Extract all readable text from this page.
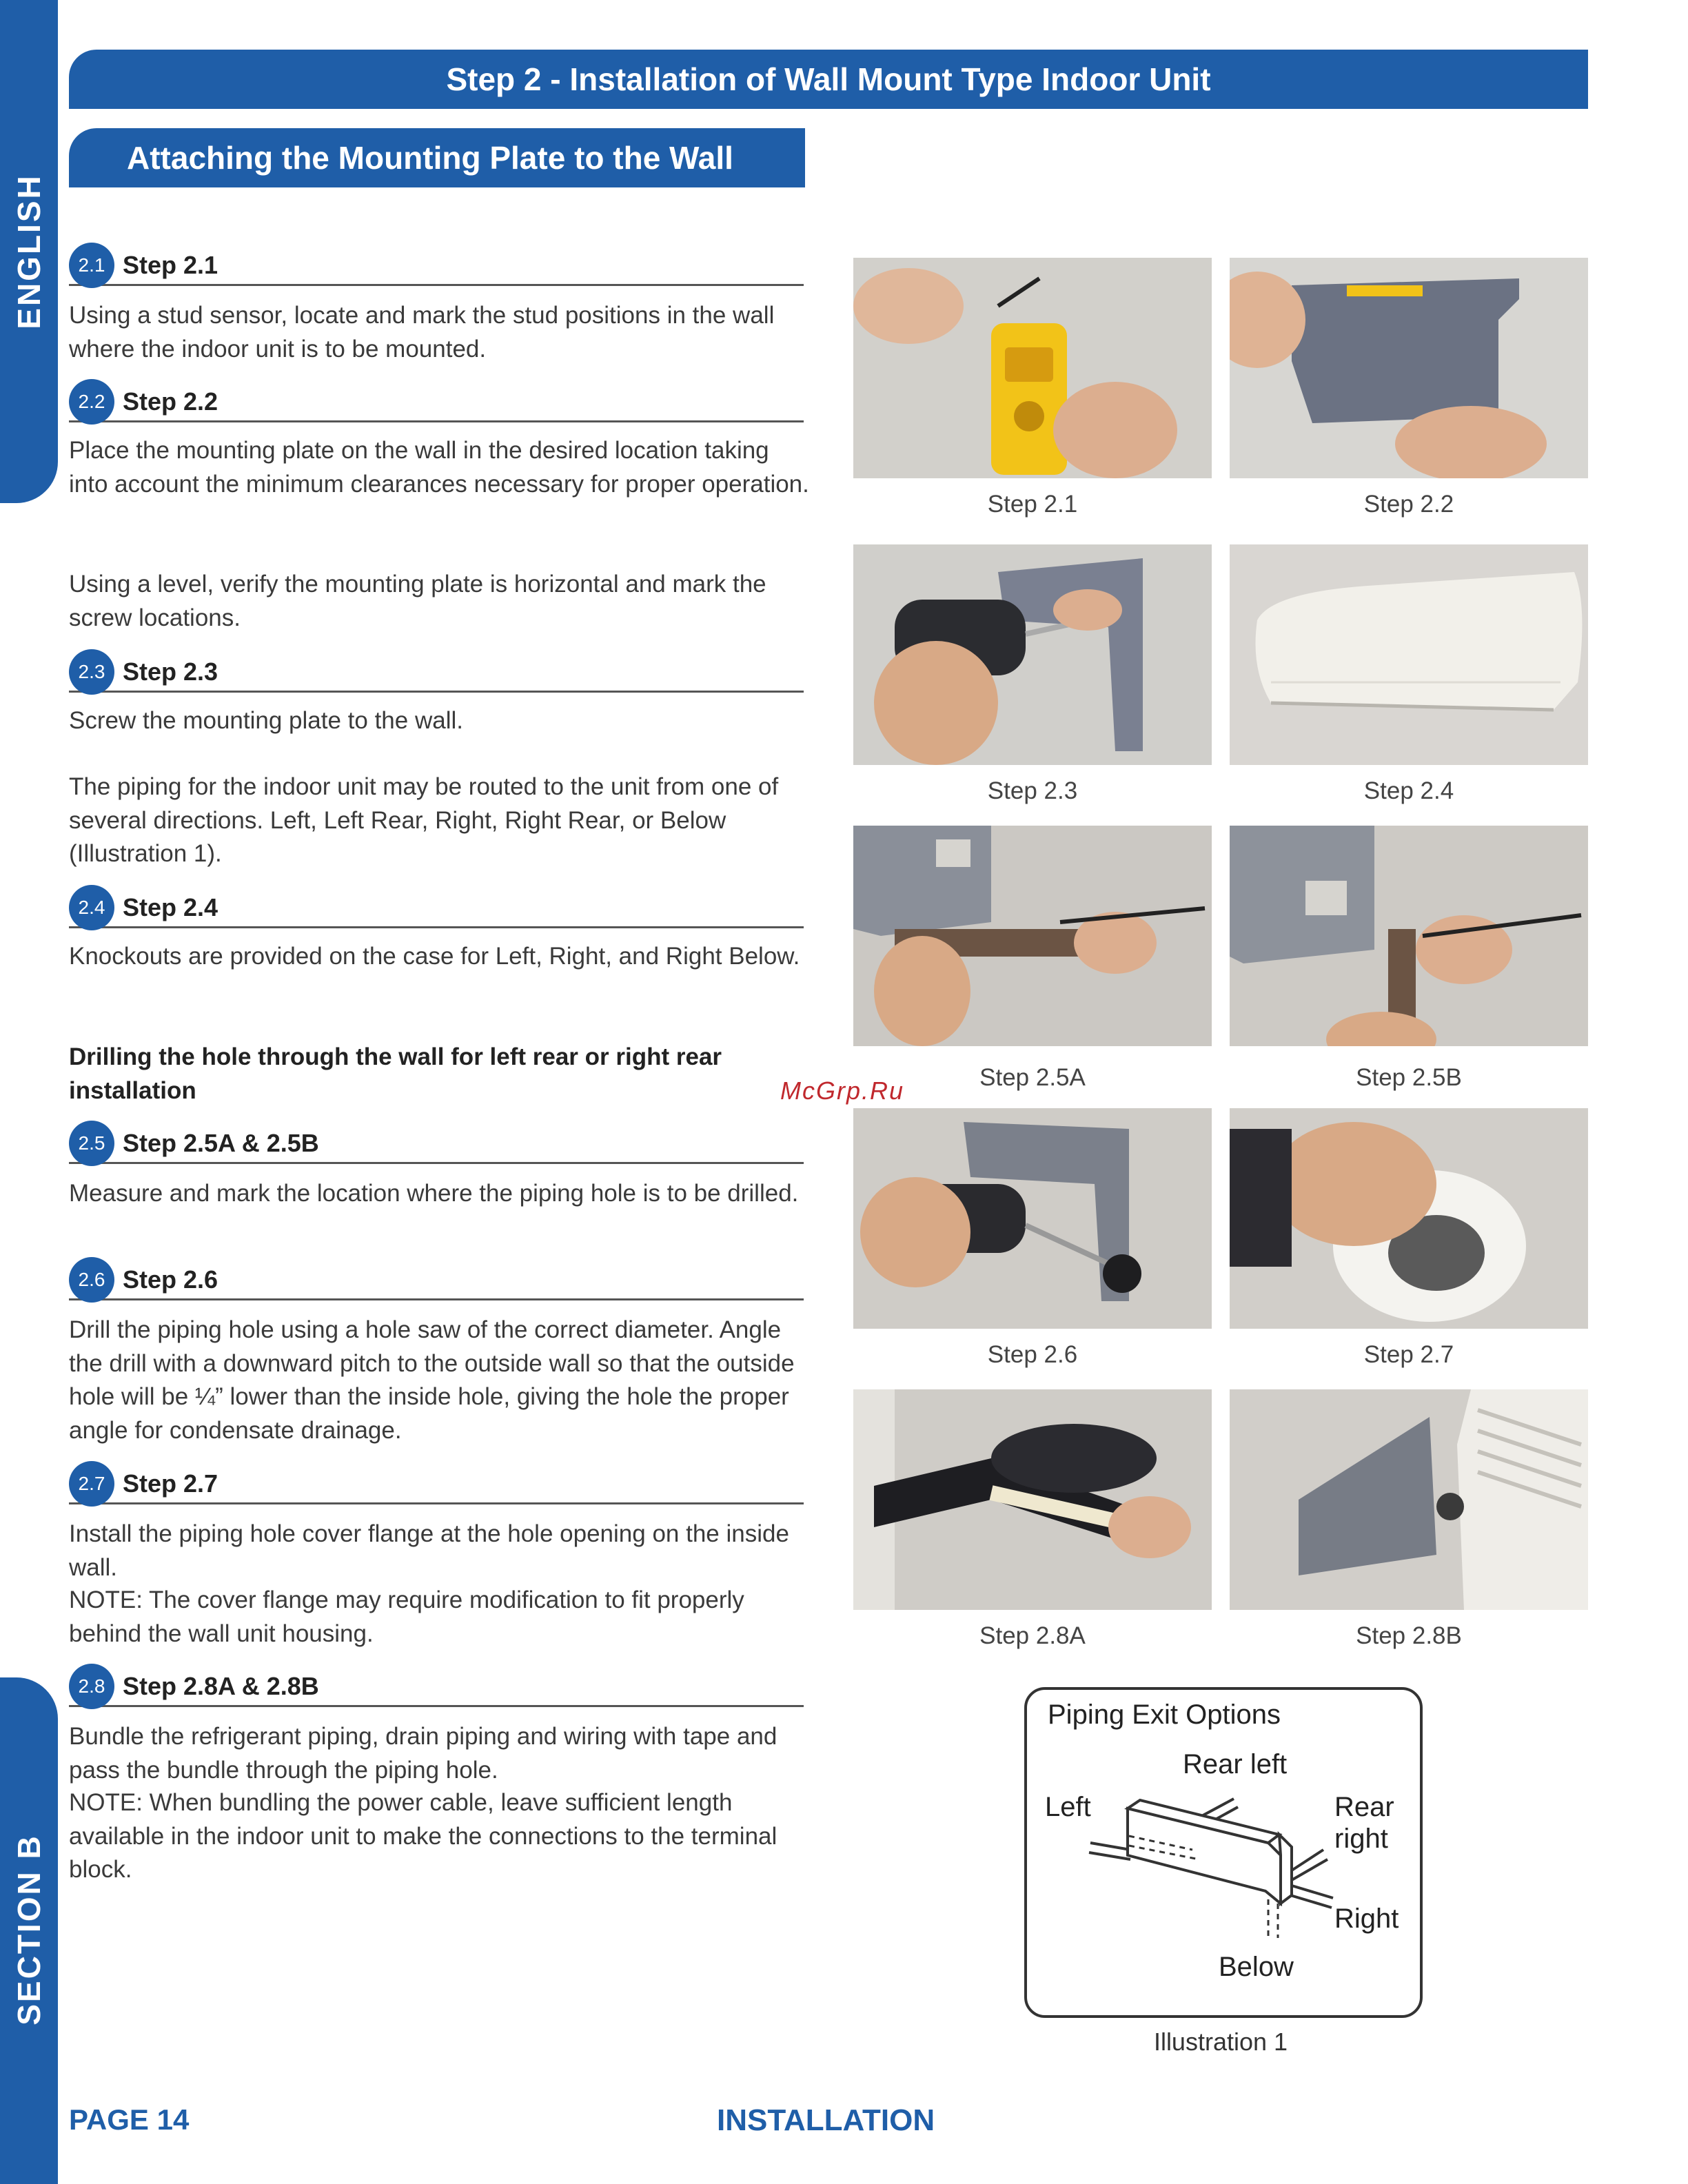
ENGLISH
SECTION B
Step 2 - Installation of Wall Mount Type Indoor Unit
Attaching the Mounting Plate to the Wall
2.1 Step 2.1
Using a stud sensor, locate and mark the stud positions in the wall where the indoor unit is to be mounted.
2.2 Step 2.2
Place the mounting plate on the wall in the desired location taking into account the minimum clearances necessary for proper operation.
Using a level, verify the mounting plate is horizontal and mark the screw locations.
2.3 Step 2.3
Screw the mounting plate to the wall.
The piping for the indoor unit may be routed to the unit from one of several directions. Left, Left Rear, Right, Right Rear, or Below (Illustration 1).
2.4 Step 2.4
Knockouts are provided on the case for Left, Right, and Right Below.
Drilling the hole through the wall for left rear or right rear installation
2.5 Step 2.5A & 2.5B
Measure and mark the location where the piping hole is to be drilled.
2.6 Step 2.6
Drill the piping hole using a hole saw of the correct diameter. Angle the drill with a downward pitch to the outside wall so that the outside hole will be ¼” lower than the inside hole, giving the hole the proper angle for condensate drainage.
2.7 Step 2.7
Install the piping hole cover flange at the hole opening on the inside wall.
NOTE: The cover flange may require modification to fit properly behind the wall unit housing.
2.8 Step 2.8A & 2.8B
Bundle the refrigerant piping, drain piping and wiring with tape and pass the bundle through the piping hole.
NOTE: When bundling the power cable, leave sufficient length available in the indoor unit to make the connections to the terminal block.
Step 2.1	Step 2.2
Step 2.3	Step 2.4
Step 2.5A	Step 2.5B
Step 2.6	Step 2.7
Step 2.8A	Step 2.8B
McGrp.Ru
Piping Exit Options
Rear left
Left	Rear
right
Right
Below
Illustration 1
PAGE 14	INSTALLATION
